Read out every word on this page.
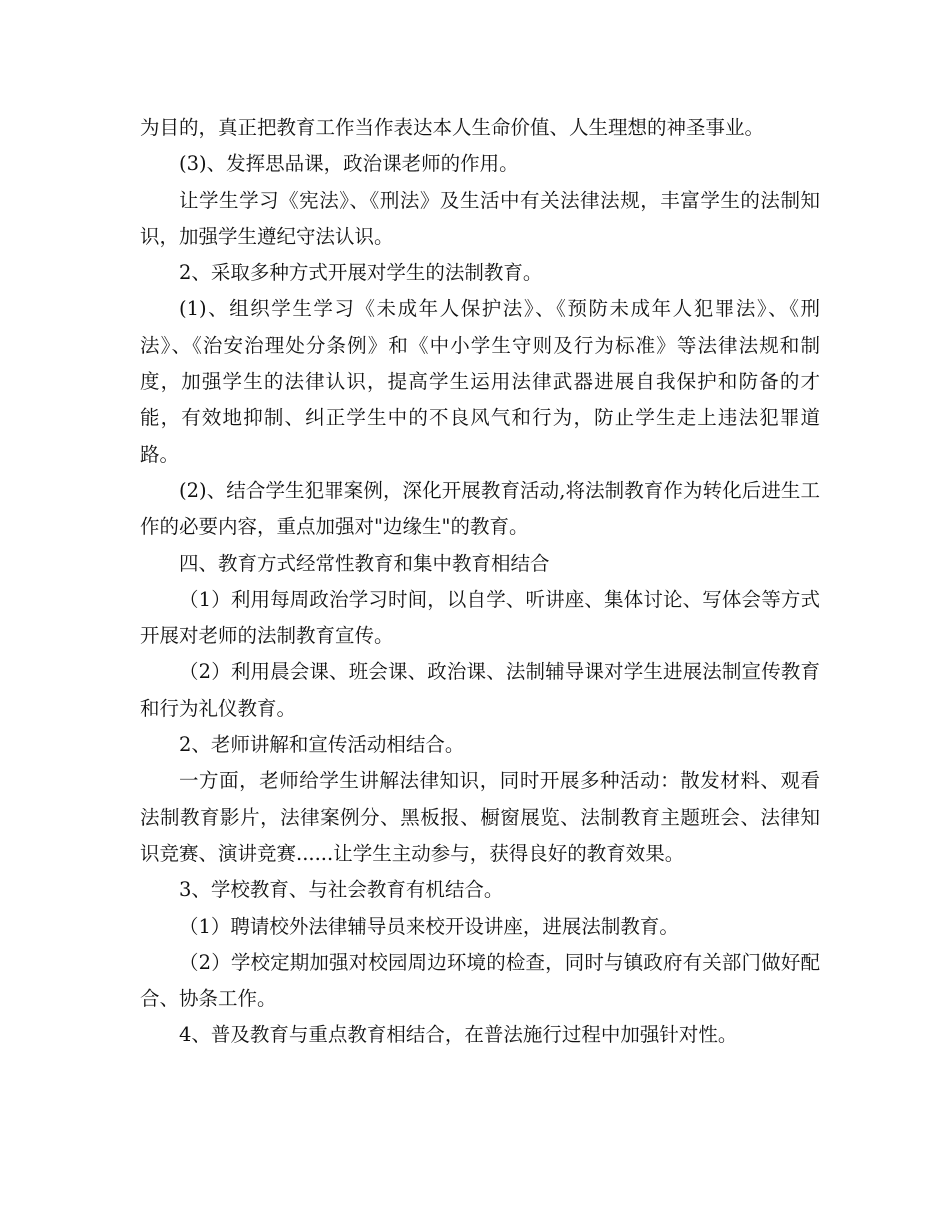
为目的，真正把教育工作当作表达本人生命价值、人生理想的神圣事业。

(3)、发挥思品课，政治课老师的作用。

让学生学习《宪法》、《刑法》及生活中有关法律法规，丰富学生的法制知识，加强学生遵纪守法认识。

2、采取多种方式开展对学生的法制教育。

(1)、组织学生学习《未成年人保护法》、《预防未成年人犯罪法》、《刑法》、《治安治理处分条例》和《中小学生守则及行为标准》等法律法规和制度，加强学生的法律认识，提高学生运用法律武器进展自我保护和防备的才能，有效地抑制、纠正学生中的不良风气和行为，防止学生走上违法犯罪道路。

(2)、结合学生犯罪案例，深化开展教育活动,将法制教育作为转化后进生工作的必要内容，重点加强对"边缘生"的教育。

四、教育方式经常性教育和集中教育相结合

（1）利用每周政治学习时间，以自学、听讲座、集体讨论、写体会等方式开展对老师的法制教育宣传。

（2）利用晨会课、班会课、政治课、法制辅导课对学生进展法制宣传教育和行为礼仪教育。

2、老师讲解和宣传活动相结合。

一方面，老师给学生讲解法律知识，同时开展多种活动：散发材料、观看法制教育影片，法律案例分、黑板报、橱窗展览、法制教育主题班会、法律知识竞赛、演讲竞赛......让学生主动参与，获得良好的教育效果。

3、学校教育、与社会教育有机结合。

（1）聘请校外法律辅导员来校开设讲座，进展法制教育。

（2）学校定期加强对校园周边环境的检查，同时与镇政府有关部门做好配合、协条工作。

4、普及教育与重点教育相结合，在普法施行过程中加强针对性。
